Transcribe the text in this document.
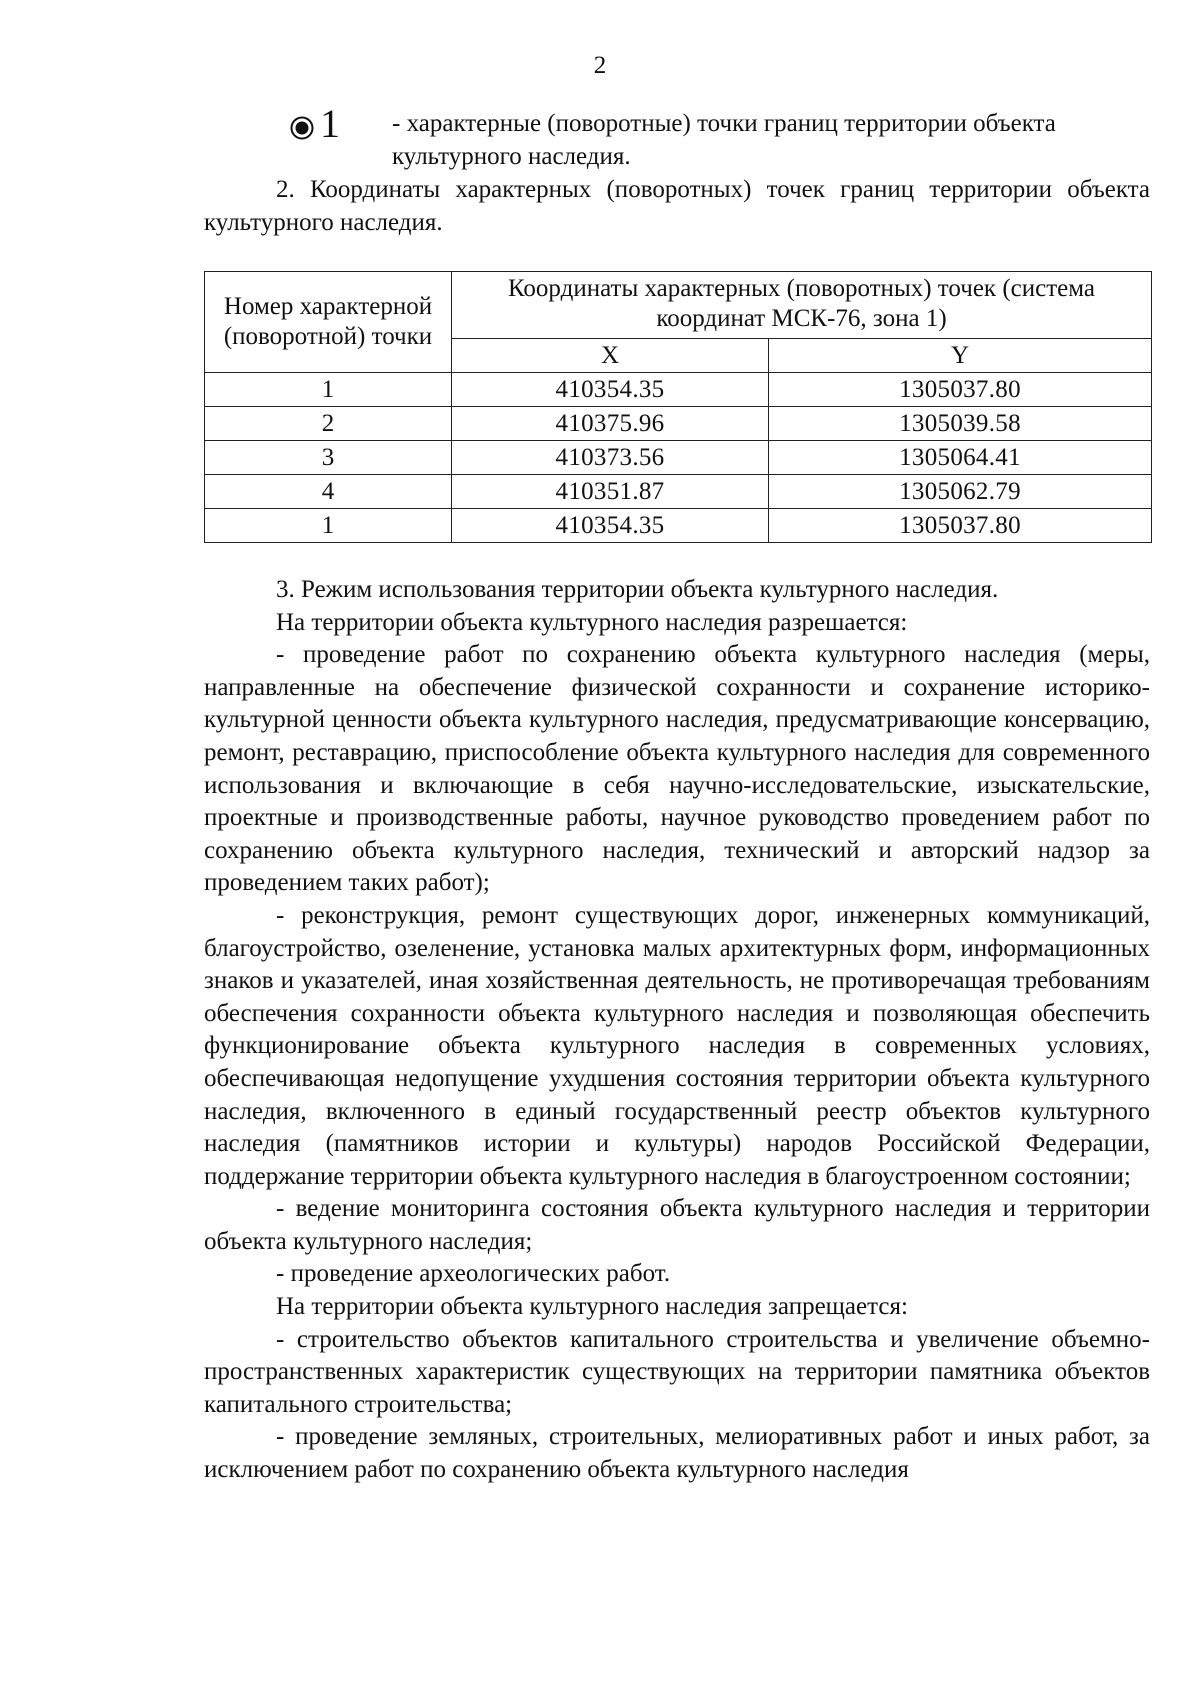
2
1 - характерные (поворотные) точки границ территории объекта культурного наследия.

2. Координаты характерных (поворотных) точек границ территории объекта культурного наследия.

Номер характерной (поворотной) точки	Координаты характерных (поворотных) точек (система координат МСК-76, зона 1)	
	X	Y
1	410354.35	1305037.80
2	410375.96	1305039.58
3	410373.56	1305064.41
4	410351.87	1305062.79
1	410354.35	1305037.80

3. Режим использования территории объекта культурного наследия.

На территории объекта культурного наследия разрешается:

- проведение работ по сохранению объекта культурного наследия (меры, направленные на обеспечение физической сохранности и сохранение историко-культурной ценности объекта культурного наследия, предусматривающие консервацию, ремонт, реставрацию, приспособление объекта культурного наследия для современного использования и включающие в себя научно-исследовательские, изыскательские, проектные и производственные работы, научное руководство проведением работ по сохранению объекта культурного наследия, технический и авторский надзор за проведением таких работ);

- реконструкция, ремонт существующих дорог, инженерных коммуникаций, благоустройство, озеленение, установка малых архитектурных форм, информационных знаков и указателей, иная хозяйственная деятельность, не противоречащая требованиям обеспечения сохранности объекта культурного наследия и позволяющая обеспечить функционирование объекта культурного наследия в современных условиях, обеспечивающая недопущение ухудшения состояния территории объекта культурного наследия, включенного в единый государственный реестр объектов культурного наследия (памятников истории и культуры) народов Российской Федерации, поддержание территории объекта культурного наследия в благоустроенном состоянии;

- ведение мониторинга состояния объекта культурного наследия и территории объекта культурного наследия;

- проведение археологических работ.

На территории объекта культурного наследия запрещается:

- строительство объектов капитального строительства и увеличение объемно-пространственных характеристик существующих на территории памятника объектов капитального строительства;

- проведение земляных, строительных, мелиоративных работ и иных работ, за исключением работ по сохранению объекта культурного наследия
